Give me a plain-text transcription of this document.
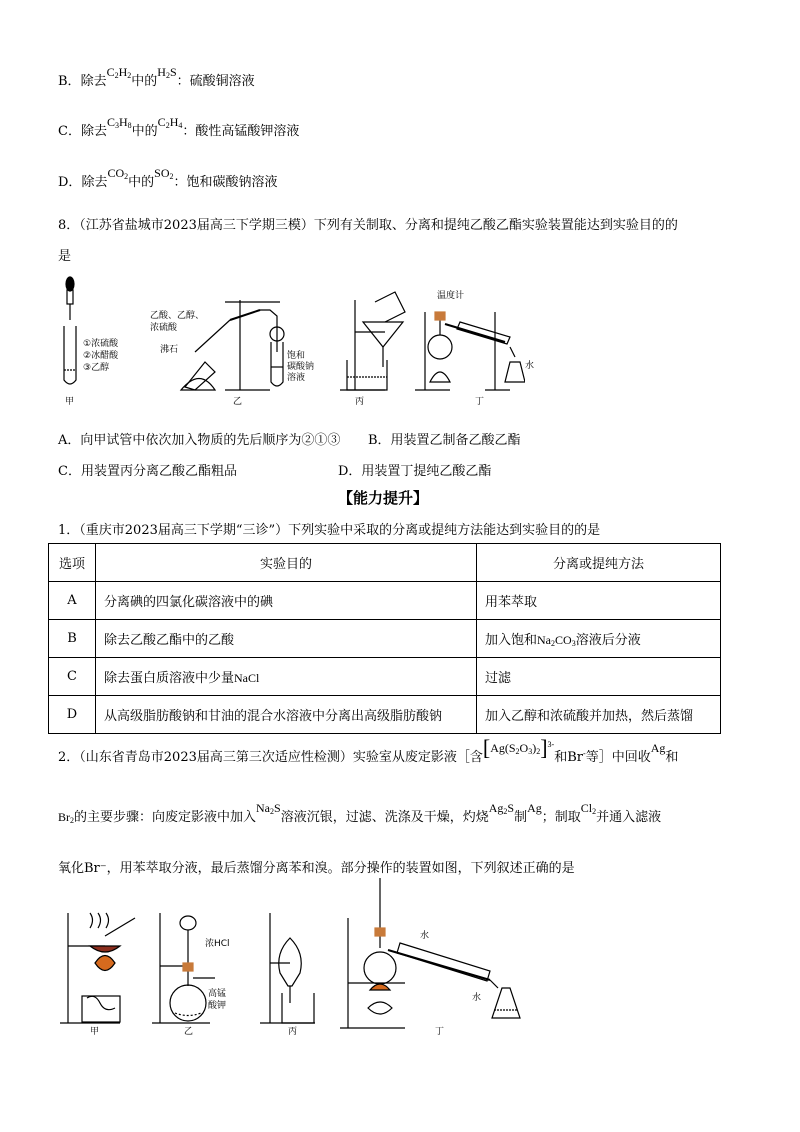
B．除去$C_2H_2$中的$H_2S$：硫酸铜溶液
C．除去$C_3H_8$中的$C_2H_4$：酸性高锰酸钾溶液
D．除去$CO_2$中的$SO_2$：饱和碳酸钠溶液
8．（江苏省盐城市2023届高三下学期三模）下列有关制取、分离和提纯乙酸乙酯实验装置能达到实验目的的
是
①浓硫酸
②冰醋酸
③乙醇
甲
乙酸、乙醇、
浓硫酸
沸石
饱和
碳酸钠
溶液
乙	丙
温度计
水
丁
A．向甲试管中依次加入物质的先后顺序为②①③ B．用装置乙制备乙酸乙酯
C．用装置丙分离乙酸乙酯粗品	D．用装置丁提纯乙酸乙酯
【能力提升】
1．（重庆市2023届高三下学期“三诊”）下列实验中采取的分离或提纯方法能达到实验目的的是
选项	实验目的	分离或提纯方法
A	分离碘的四氯化碳溶液中的碘	用苯萃取
B	除去乙酸乙酯中的乙酸	加入饱和$Na_2CO_3$溶液后分液
C	除去蛋白质溶液中少量NaCl	过滤
D	从高级脂肪酸钠和甘油的混合水溶液中分离出高级脂肪酸钠	加入乙醇和浓硫酸并加热，然后蒸馏
2．（山东省青岛市2023届高三第三次适应性检测）实验室从废定影液［含$[Ag(S_2O_3)_2]^{3-}$和Br-等］中回收Ag和
$Br_2$的主要步骤：向废定影液中加入$Na_2S$溶液沉银，过滤、洗涤及干燥，灼烧$Ag_2S$制Ag；制取$Cl_2$并通入滤液
氧化Br⁻，用苯萃取分液，最后蒸馏分离苯和溴。部分操作的装置如图，下列叙述正确的是
甲
浓HCl
高锰
酸钾
乙	丙
水
水
丁
